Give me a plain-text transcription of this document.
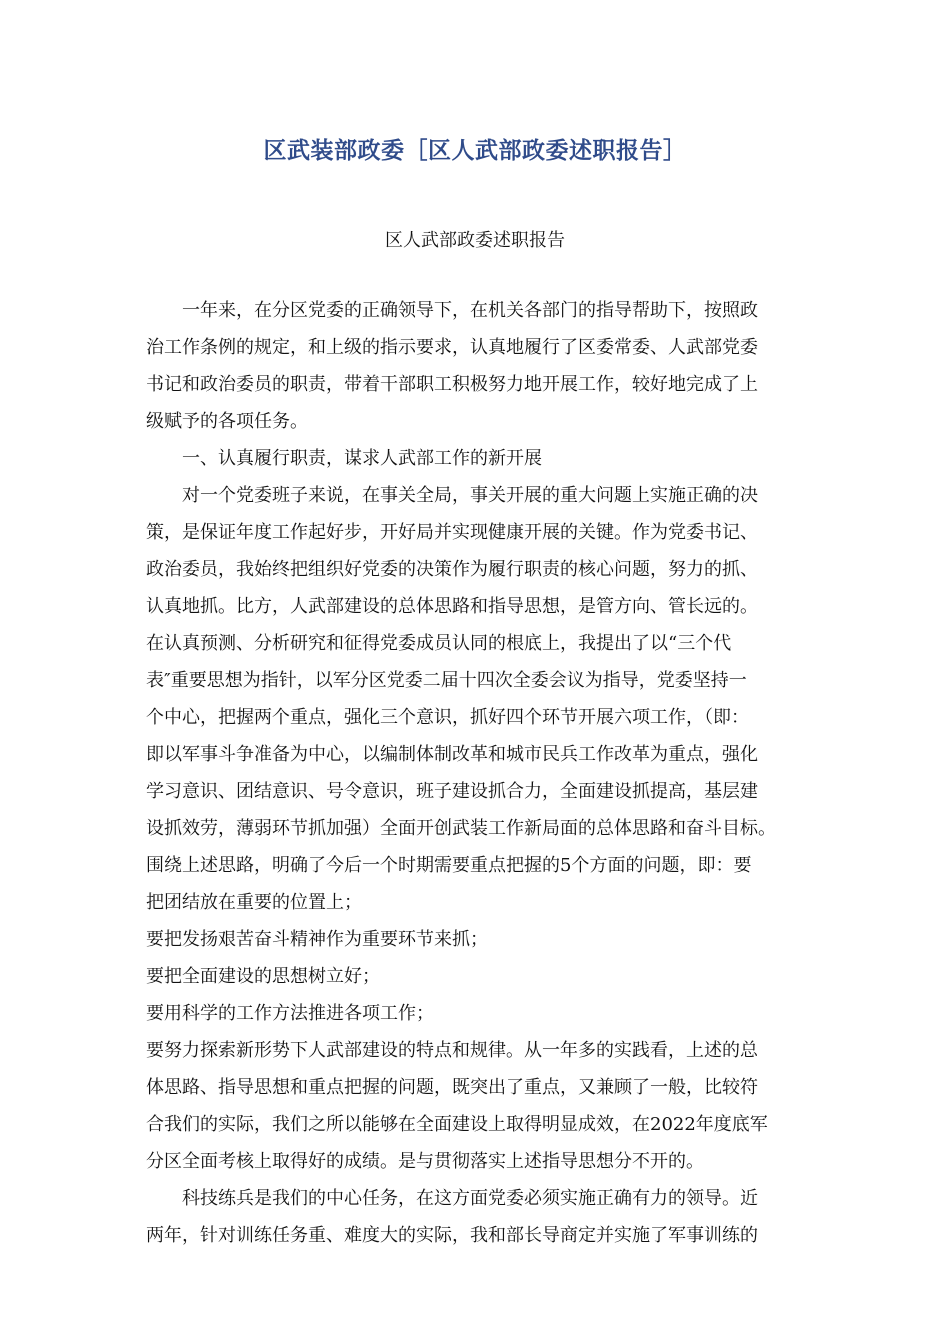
区武装部政委［区人武部政委述职报告］
区人武部政委述职报告

　　一年来，在分区党委的正确领导下，在机关各部门的指导帮助下，按照政

治工作条例的规定，和上级的指示要求，认真地履行了区委常委、人武部党委

书记和政治委员的职责，带着干部职工积极努力地开展工作，较好地完成了上

级赋予的各项任务。

　　一、认真履行职责，谋求人武部工作的新开展

　　对一个党委班子来说，在事关全局，事关开展的重大问题上实施正确的决

策，是保证年度工作起好步，开好局并实现健康开展的关键。作为党委书记、

政治委员，我始终把组织好党委的决策作为履行职责的核心问题，努力的抓、

认真地抓。比方，人武部建设的总体思路和指导思想，是管方向、管长远的。

在认真预测、分析研究和征得党委成员认同的根底上，我提出了以“三个代

表″重要思想为指针，以军分区党委二届十四次全委会议为指导，党委坚持一

个中心，把握两个重点，强化三个意识，抓好四个环节开展六项工作，（即：

即以军事斗争准备为中心，以编制体制改革和城市民兵工作改革为重点，强化

学习意识、团结意识、号令意识，班子建设抓合力，全面建设抓提高，基层建

设抓效劳，薄弱环节抓加强）全面开创武装工作新局面的总体思路和奋斗目标。

围绕上述思路，明确了今后一个时期需要重点把握的5个方面的问题，即：要

把团结放在重要的位置上；

要把发扬艰苦奋斗精神作为重要环节来抓；

要把全面建设的思想树立好；

要用科学的工作方法推进各项工作；

要努力探索新形势下人武部建设的特点和规律。从一年多的实践看，上述的总

体思路、指导思想和重点把握的问题，既突出了重点，又兼顾了一般，比较符

合我们的实际，我们之所以能够在全面建设上取得明显成效，在2022年度底军

分区全面考核上取得好的成绩。是与贯彻落实上述指导思想分不开的。

　　科技练兵是我们的中心任务，在这方面党委必须实施正确有力的领导。近

两年，针对训练任务重、难度大的实际，我和部长导商定并实施了军事训练的
